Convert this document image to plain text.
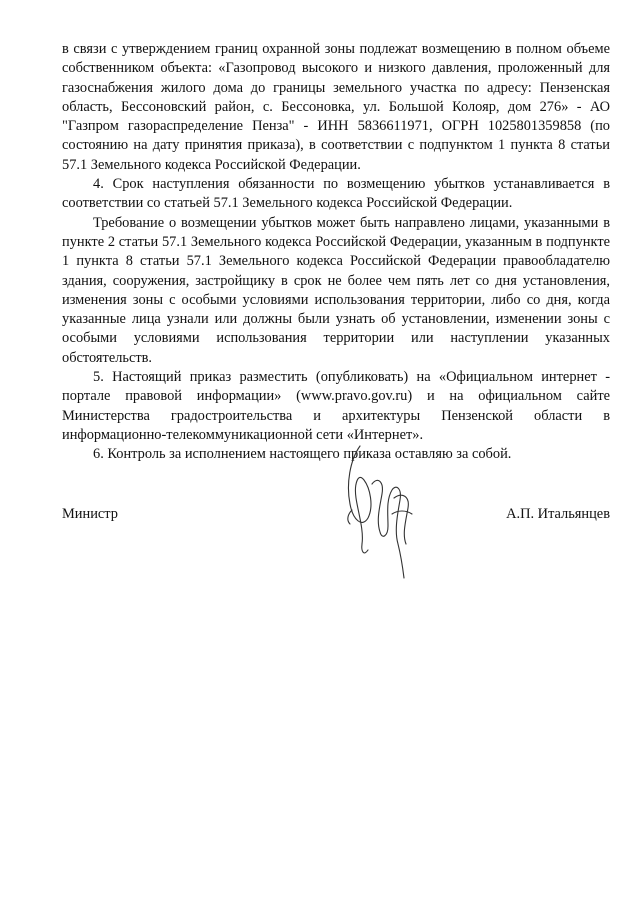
в связи с утверждением границ охранной зоны подлежат возмещению в полном объеме собственником объекта: «Газопровод высокого и низкого давления, проложенный для газоснабжения жилого дома до границы земельного участка по адресу: Пензенская область, Бессоновский район, с. Бессоновка, ул. Большой Колояр, дом 276» - АО "Газпром газораспределение Пенза" - ИНН 5836611971, ОГРН 1025801359858 (по состоянию на дату принятия приказа), в соответствии с подпунктом 1 пункта 8 статьи 57.1 Земельного кодекса Российской Федерации.

4. Срок наступления обязанности по возмещению убытков устанавливается в соответствии со статьей 57.1 Земельного кодекса Российской Федерации.

Требование о возмещении убытков может быть направлено лицами, указанными в пункте 2 статьи 57.1 Земельного кодекса Российской Федерации, указанным в подпункте 1 пункта 8 статьи 57.1 Земельного кодекса Российской Федерации правообладателю здания, сооружения, застройщику в срок не более чем пять лет со дня установления, изменения зоны с особыми условиями использования территории, либо со дня, когда указанные лица узнали или должны были узнать об установлении, изменении зоны с особыми условиями использования территории или наступлении указанных обстоятельств.

5. Настоящий приказ разместить (опубликовать) на «Официальном интернет - портале правовой информации» (www.pravo.gov.ru) и на официальном сайте Министерства градостроительства и архитектуры Пензенской области в информационно-телекоммуникационной сети «Интернет».

6. Контроль за исполнением настоящего приказа оставляю за собой.

Министр	А.П. Итальянцев
